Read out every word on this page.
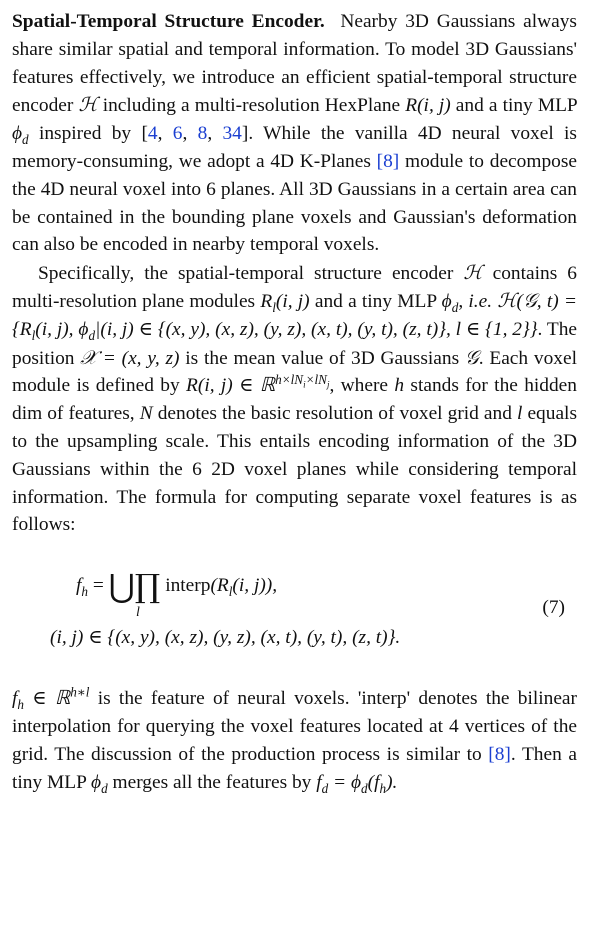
Spatial-Temporal Structure Encoder. Nearby 3D Gaussians always share similar spatial and temporal information. To model 3D Gaussians' features effectively, we introduce an efficient spatial-temporal structure encoder ℋ including a multi-resolution HexPlane R(i, j) and a tiny MLP $\phi_d$ inspired by [4, 6, 8, 34]. While the vanilla 4D neural voxel is memory-consuming, we adopt a 4D K-Planes [8] module to decompose the 4D neural voxel into 6 planes. All 3D Gaussians in a certain area can be contained in the bounding plane voxels and Gaussian's deformation can also be encoded in nearby temporal voxels.

Specifically, the spatial-temporal structure encoder ℋ contains 6 multi-resolution plane modules $R_l(i$, j) and a tiny MLP $\phi_d$, i.e. ℋ(𝒢, $t) = \{R_l(i$, j), $\phi_d|(i$, j) ∈ {(x, y), (x, z), (y, z), (x, t), (y, t), (z, t)}, l ∈ {1, 2}}. The position 𝒳 = (x, y, z) is the mean value of 3D Gaussians 𝒢. Each voxel module is defined by R(i, j) ∈ ℝ$^{h\times lN_i\times lN_j}$, where h stands for the hidden dim of features, N denotes the basic resolution of voxel grid and l equals to the upsampling scale. This entails encoding information of the 3D Gaussians within the 6 2D voxel planes while considering temporal information. The formula for computing separate voxel features is as follows:

$f_h$ = ⋃∏ $interp(R_l(i$, j)),
l
(i, j) ∈ {(x, y), (x, z), (y, z), (x, t), (y, t), (z, t)}.
(7)

$f_h$ ∈ ℝ$^{h∗l}$ is the feature of neural voxels. 'interp' denotes the bilinear interpolation for querying the voxel features located at 4 vertices of the grid. The discussion of the production process is similar to [8]. Then a tiny MLP $\phi_d$ merges all the features by $f_d = \phi_d(f_h)$.
